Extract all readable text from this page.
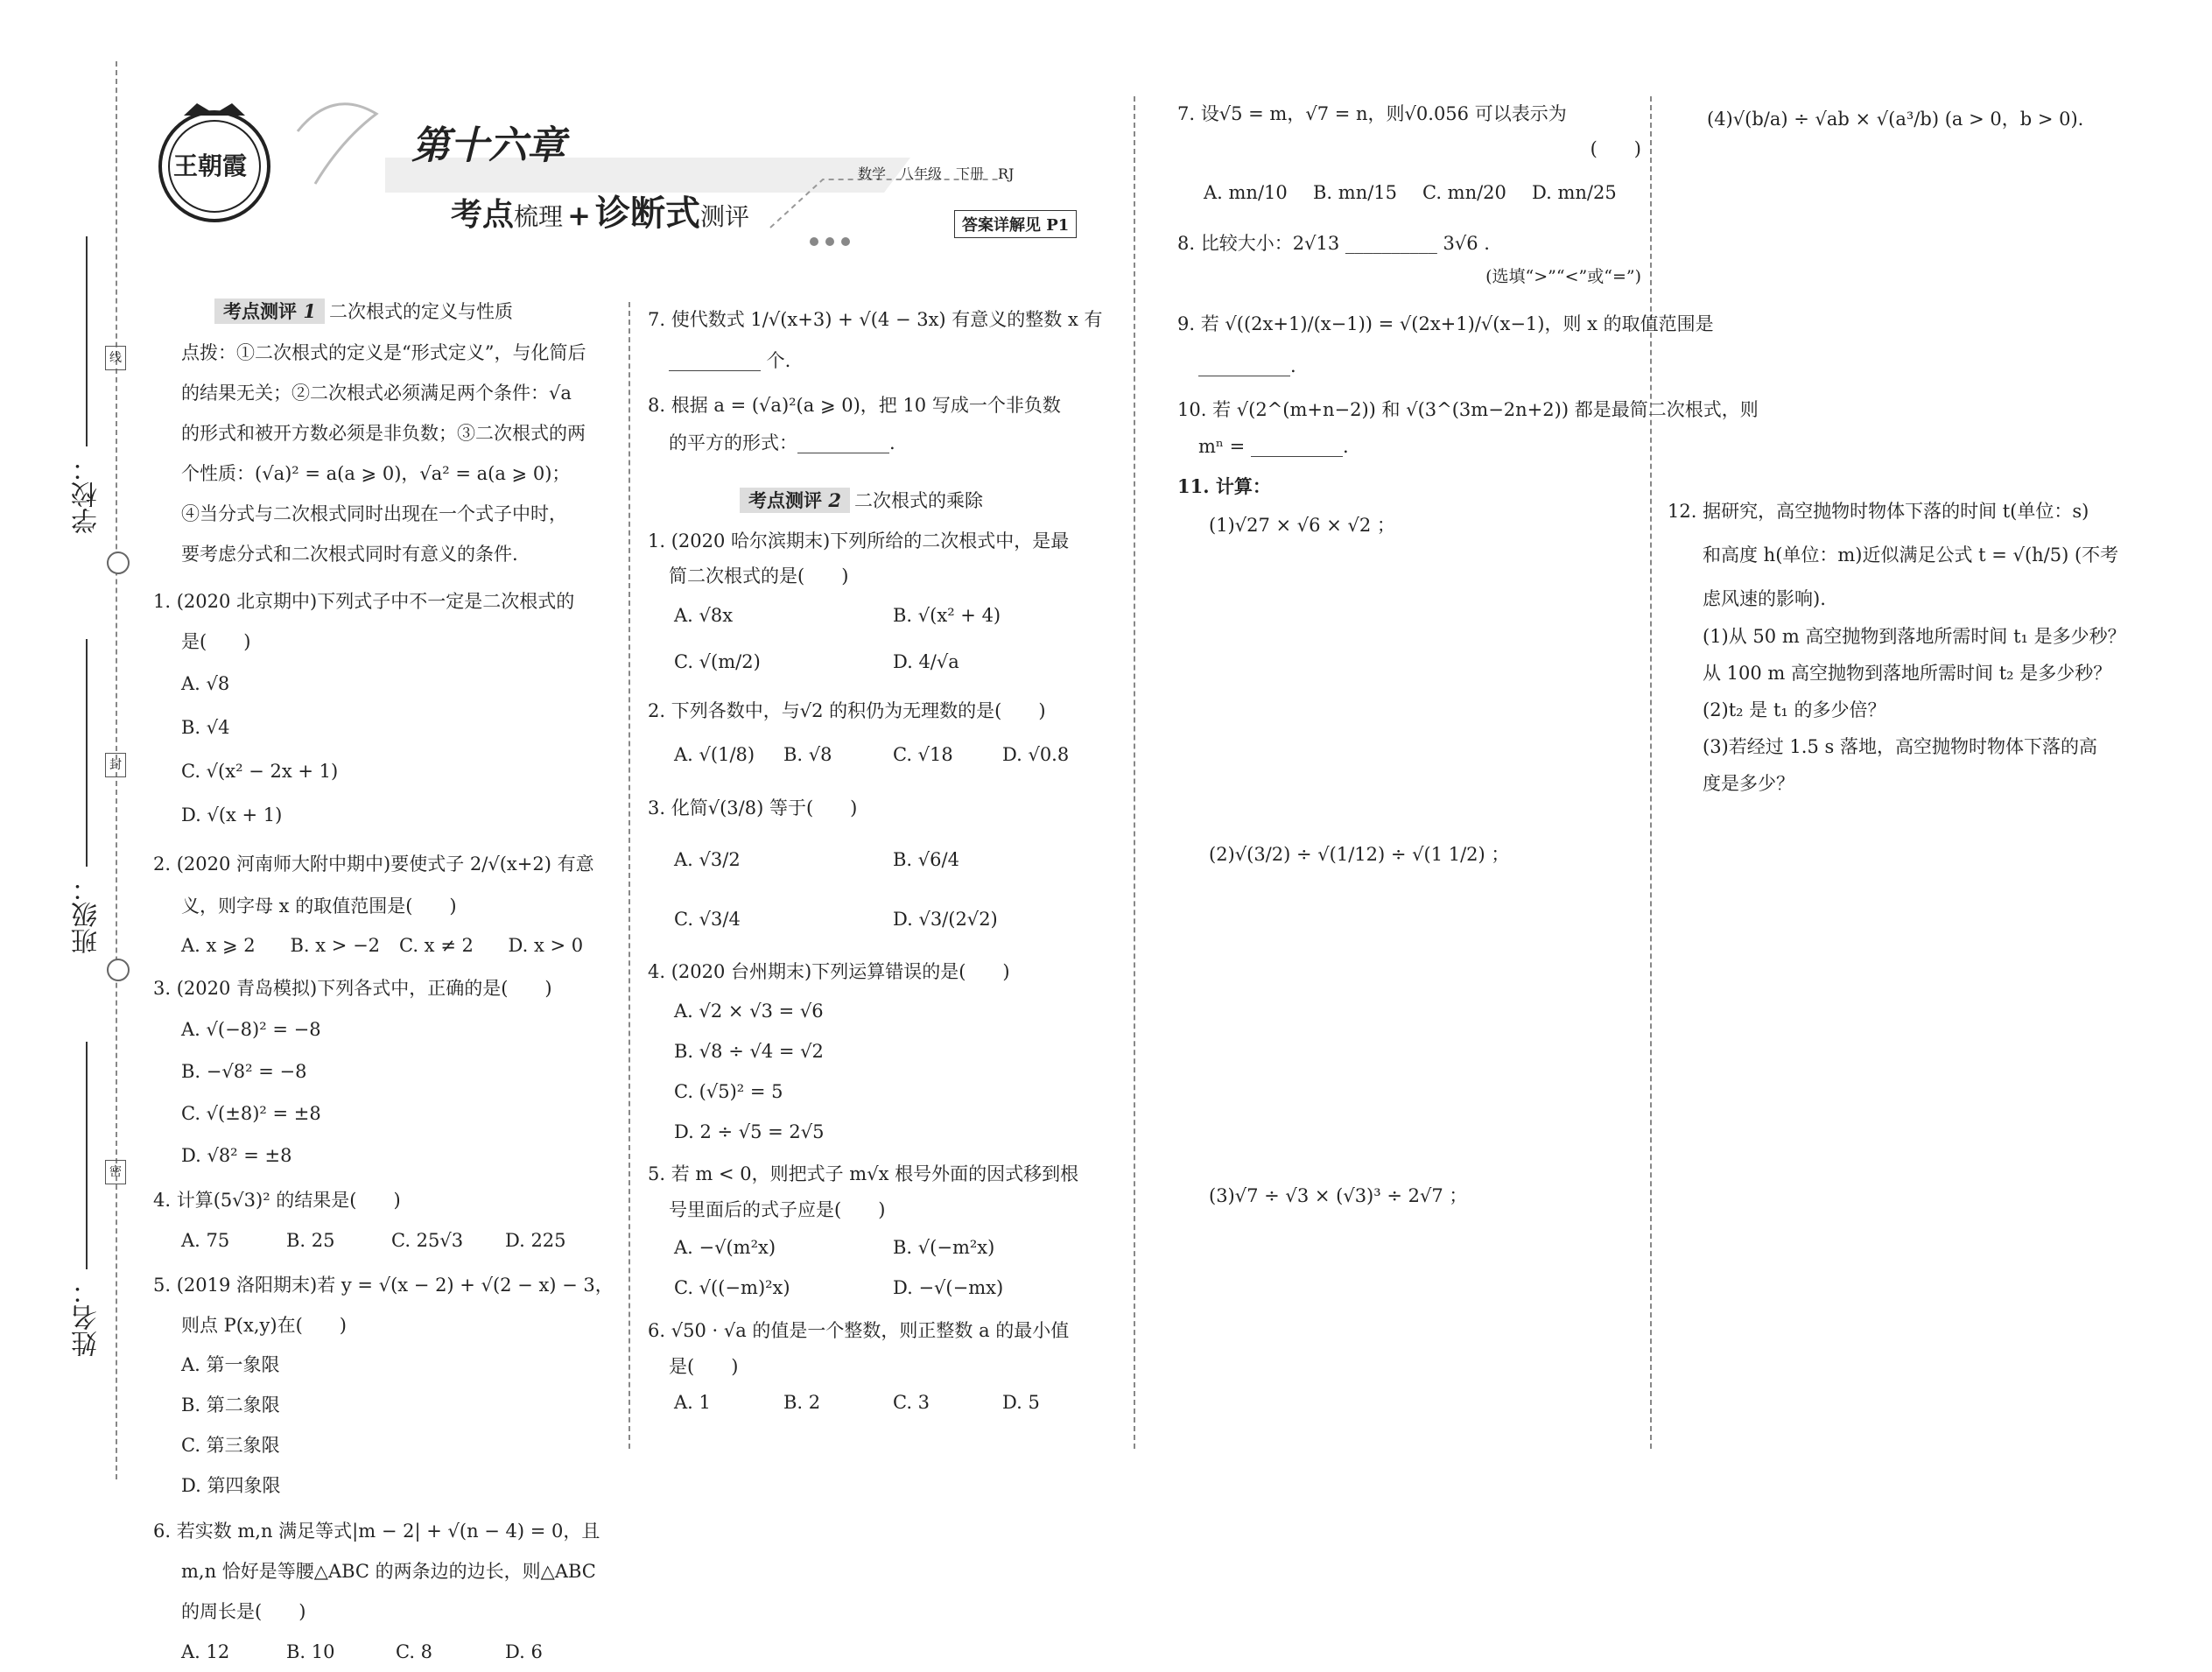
学校：
班级：
姓名：
线
封
密
王朝霞	第十六章
考点梳理 + 诊断式测评
数学　八年级　下册　RJ
答案详解见 P1
考点测评 1 二次根式的定义与性质
点拨：①二次根式的定义是“形式定义”，与化简后
的结果无关；②二次根式必须满足两个条件：√a
的形式和被开方数必须是非负数；③二次根式的两
个性质：(√a)² = a(a ⩾ 0)，√a² = a(a ⩾ 0)；
④当分式与二次根式同时出现在一个式子中时，
要考虑分式和二次根式同时有意义的条件.
1. (2020 北京期中)下列式子中不一定是二次根式的
是(　　)
A. √8
B. √4
C. √(x² − 2x + 1)
D. √(x + 1)
2. (2020 河南师大附中期中)要使式子 2/√(x+2) 有意
义，则字母 x 的取值范围是(　　)
A. x ⩾ 2	B. x > −2	C. x ≠ 2	D. x > 0
3. (2020 青岛模拟)下列各式中，正确的是(　　)
A. √(−8)² = −8
B. −√8² = −8
C. √(±8)² = ±8
D. √8² = ±8
4. 计算(5√3)² 的结果是(　　)
A. 75	B. 25	C. 25√3	D. 225
5. (2019 洛阳期末)若 y = √(x − 2) + √(2 − x) − 3，
则点 P(x,y)在(　　)
A. 第一象限
B. 第二象限
C. 第三象限
D. 第四象限
6. 若实数 m,n 满足等式|m − 2| + √(n − 4) = 0，且
m,n 恰好是等腰△ABC 的两条边的边长，则△ABC
的周长是(　　)
A. 12	B. 10	C. 8	D. 6
7. 使代数式 1/√(x+3) + √(4 − 3x) 有意义的整数 x 有
__________ 个.
8. 根据 a = (√a)²(a ⩾ 0)，把 10 写成一个非负数
的平方的形式：__________.
考点测评 2 二次根式的乘除
1. (2020 哈尔滨期末)下列所给的二次根式中，是最
简二次根式的是(　　)
A. √8x	B. √(x² + 4)
C. √(m/2)	D. 4/√a
2. 下列各数中，与√2 的积仍为无理数的是(　　)
A. √(1/8)	B. √8	C. √18	D. √0.8
3. 化简√(3/8) 等于(　　)
A. √3/2	B. √6/4
C. √3/4	D. √3/(2√2)
4. (2020 台州期末)下列运算错误的是(　　)
A. √2 × √3 = √6
B. √8 ÷ √4 = √2
C. (√5)² = 5
D. 2 ÷ √5 = 2√5
5. 若 m < 0，则把式子 m√x 根号外面的因式移到根
号里面后的式子应是(　　)
A. −√(m²x)	B. √(−m²x)
C. √((−m)²x)	D. −√(−mx)
6. √50 · √a 的值是一个整数，则正整数 a 的最小值
是(　　)
A. 1	B. 2	C. 3	D. 5
7. 设√5 = m，√7 = n，则√0.056 可以表示为
(　　)
A. mn/10	B. mn/15	C. mn/20	D. mn/25
8. 比较大小：2√13 __________ 3√6 .
(选填“>”“<”或“=”)
9. 若 √((2x+1)/(x−1)) = √(2x+1)/√(x−1)，则 x 的取值范围是
__________.
10. 若 √(2^(m+n−2)) 和 √(3^(3m−2n+2)) 都是最简二次根式，则
mⁿ = __________.
11. 计算：
(1)√27 × √6 × √2 ；
(2)√(3/2) ÷ √(1/12) ÷ √(1 1/2) ；
(3)√7 ÷ √3 × (√3)³ ÷ 2√7 ；
(4)√(b/a) ÷ √ab × √(a³/b) (a > 0，b > 0).
12. 据研究，高空抛物时物体下落的时间 t(单位：s)
和高度 h(单位：m)近似满足公式 t = √(h/5) (不考
虑风速的影响).
(1)从 50 m 高空抛物到落地所需时间 t₁ 是多少秒？
从 100 m 高空抛物到落地所需时间 t₂ 是多少秒？
(2)t₂ 是 t₁ 的多少倍？
(3)若经过 1.5 s 落地，高空抛物时物体下落的高
度是多少？
